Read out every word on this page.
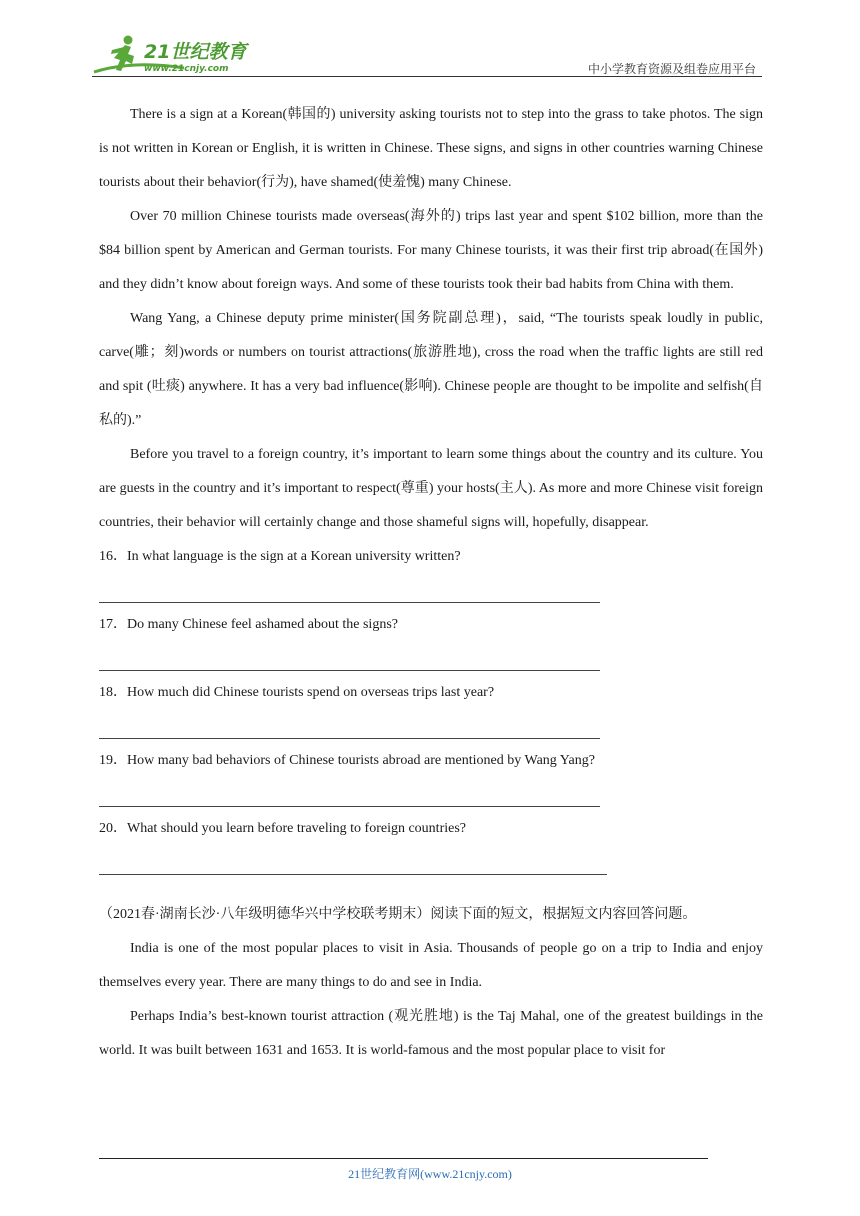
21世纪教育
www.21cnjy.com	中小学教育资源及组卷应用平台

There is a sign at a Korean(韩国的) university asking tourists not to step into the grass to take photos. The sign is not written in Korean or English, it is written in Chinese. These signs, and signs in other countries warning Chinese tourists about their behavior(行为), have shamed(使羞愧) many Chinese.

Over 70 million Chinese tourists made overseas(海外的) trips last year and spent $102 billion, more than the $84 billion spent by American and German tourists. For many Chinese tourists, it was their first trip abroad(在国外) and they didn’t know about foreign ways. And some of these tourists took their bad habits from China with them.

Wang Yang, a Chinese deputy prime minister(国务院副总理)，said, “The tourists speak loudly in public, carve(雕；刻)words or numbers on tourist attractions(旅游胜地), cross the road when the traffic lights are still red and spit (吐痰) anywhere. It has a very bad influence(影响). Chinese people are thought to be impolite and selfish(自私的).”

Before you travel to a foreign country, it’s important to learn some things about the country and its culture. You are guests in the country and it’s important to respect(尊重) your hosts(主人). As more and more Chinese visit foreign countries, their behavior will certainly change and those shameful signs will, hopefully, disappear.

16．In what language is the sign at a Korean university written?

17．Do many Chinese feel ashamed about the signs?

18．How much did Chinese tourists spend on overseas trips last year?

19．How many bad behaviors of Chinese tourists abroad are mentioned by Wang Yang?

20．What should you learn before traveling to foreign countries?

（2021春·湖南长沙·八年级明德华兴中学校联考期末）阅读下面的短文，根据短文内容回答问题。

India is one of the most popular places to visit in Asia. Thousands of people go on a trip to India and enjoy themselves every year. There are many things to do and see in India.

Perhaps India’s best-known tourist attraction (观光胜地) is the Taj Mahal, one of the greatest buildings in the world. It was built between 1631 and 1653. It is world-famous and the most popular place to visit for

21世纪教育网(www.21cnjy.com)
